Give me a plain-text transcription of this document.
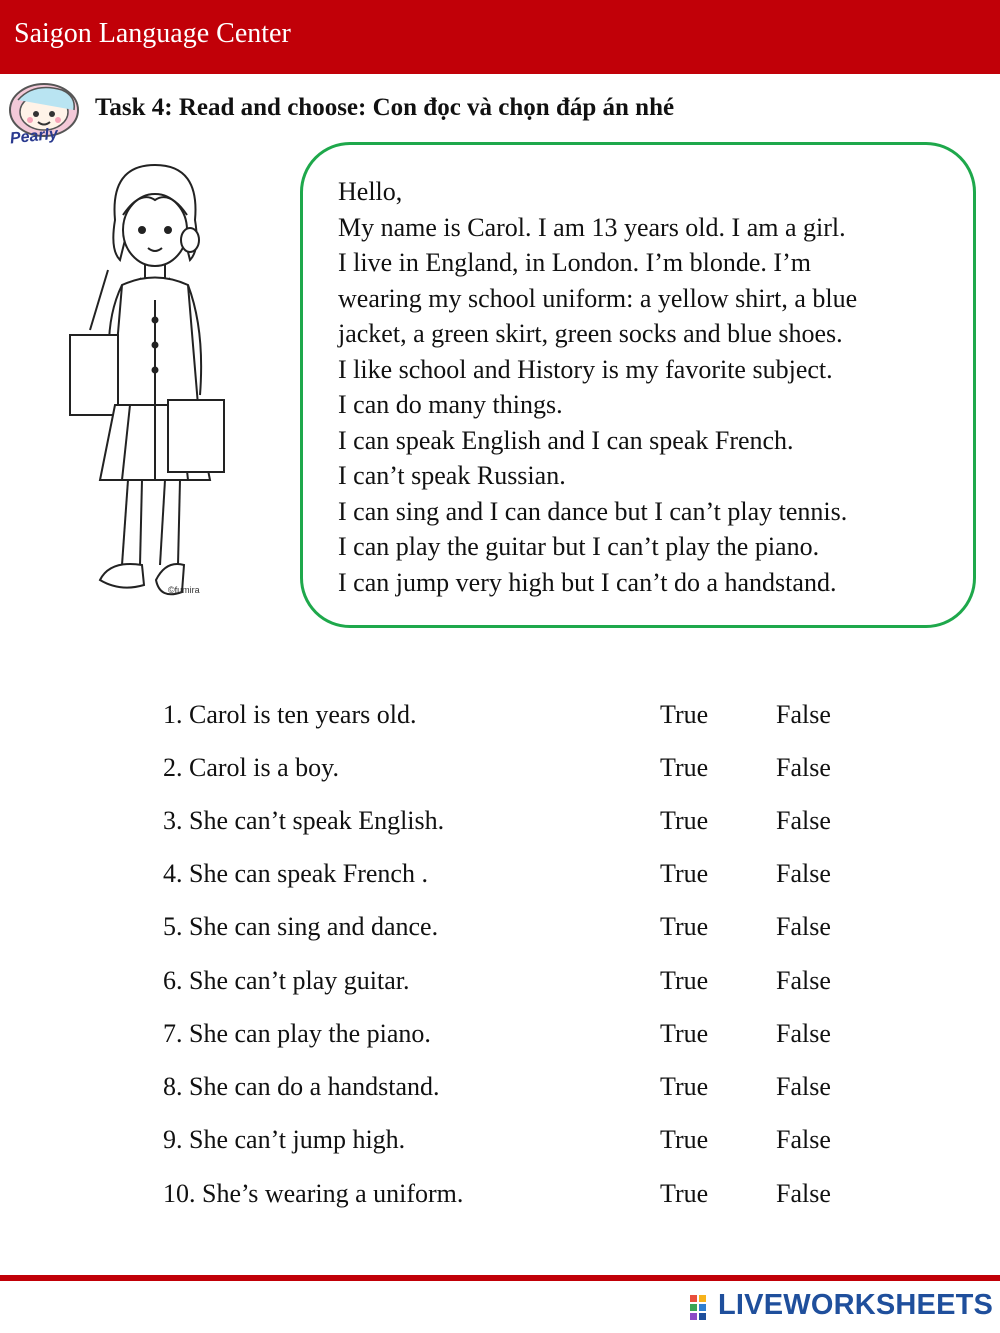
Saigon Language Center
Pearly
Task 4: Read and choose: Con đọc và chọn đáp án nhé
©fumira
Hello,
My name is Carol. I am 13 years old. I am a girl.
I live in England, in London. I’m blonde. I’m
wearing my school uniform: a yellow shirt, a blue
jacket, a green skirt, green socks and blue shoes.
I like school and History is my favorite subject.
I can do many things.
I can speak English and I can speak French.
I can’t speak Russian.
I can sing and I can dance but I can’t play tennis.
I can play the guitar but I can’t play the piano.
I can jump very high but I can’t do a handstand.
1. Carol is ten years old.	True	False
2. Carol is a boy.	True	False
3. She can’t speak English.	True	False
4. She can speak French .	True	False
5. She can sing and dance.	True	False
6. She can’t play guitar.	True	False
7. She can play the piano.	True	False
8. She can do a handstand.	True	False
9. She can’t jump high.	True	False
10. She’s wearing a uniform.	True	False
LIVEWORKSHEETS
